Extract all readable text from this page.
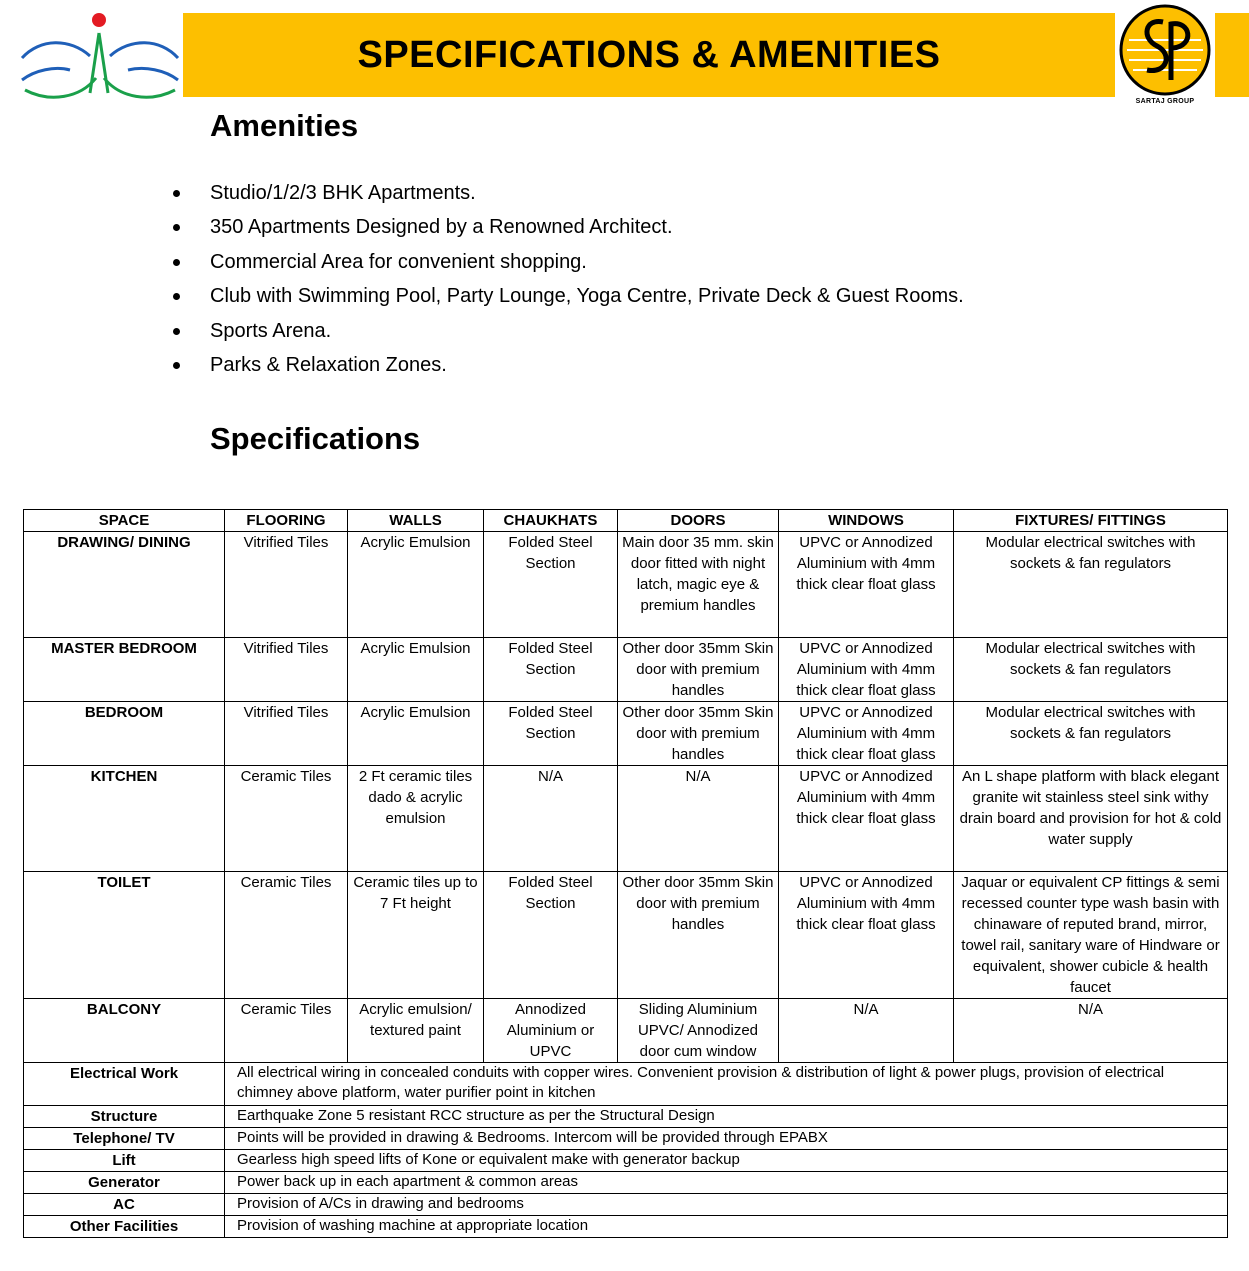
SPECIFICATIONS & AMENITIES
SARTAJ GROUP
Amenities
Studio/1/2/3 BHK Apartments.
350 Apartments Designed by a Renowned Architect.
Commercial Area for convenient shopping.
Club with Swimming Pool, Party Lounge, Yoga Centre, Private Deck & Guest Rooms.
Sports Arena.
Parks & Relaxation Zones.
Specifications
SPACE	FLOORING	WALLS	CHAUKHATS	DOORS	WINDOWS	FIXTURES/ FITTINGS
DRAWING/ DINING	Vitrified Tiles	Acrylic Emulsion	Folded Steel Section	Main door 35 mm. skin door fitted with night latch, magic eye & premium handles	UPVC or Annodized Aluminium with 4mm thick clear float glass	Modular electrical switches with sockets & fan regulators
MASTER BEDROOM	Vitrified Tiles	Acrylic Emulsion	Folded Steel Section	Other door 35mm Skin door with premium handles	UPVC or Annodized Aluminium with 4mm thick clear float glass	Modular electrical switches with sockets & fan regulators
BEDROOM	Vitrified Tiles	Acrylic Emulsion	Folded Steel Section	Other door 35mm Skin door with premium handles	UPVC or Annodized Aluminium with 4mm thick clear float glass	Modular electrical switches with sockets & fan regulators
KITCHEN	Ceramic Tiles	2 Ft ceramic tiles dado & acrylic emulsion	N/A	N/A	UPVC or Annodized Aluminium with 4mm thick clear float glass	An L shape platform with black elegant granite wit stainless steel sink withy drain board and provision for hot & cold water supply
TOILET	Ceramic Tiles	Ceramic tiles up to 7 Ft height	Folded Steel Section	Other door 35mm Skin door with premium handles	UPVC or Annodized Aluminium with 4mm thick clear float glass	Jaquar or equivalent CP fittings & semi recessed counter type wash basin with chinaware of reputed brand, mirror, towel rail, sanitary ware of Hindware or equivalent, shower cubicle & health faucet
BALCONY	Ceramic Tiles	Acrylic emulsion/ textured paint	Annodized Aluminium or UPVC	Sliding Aluminium UPVC/ Annodized door cum window	N/A	N/A
Electrical Work	All electrical wiring in concealed conduits with copper wires. Convenient provision & distribution of light & power plugs, provision of electrical chimney above platform, water purifier point in kitchen					
Structure	Earthquake Zone 5 resistant RCC structure as per the Structural Design					
Telephone/ TV	Points will be provided in drawing & Bedrooms. Intercom will be provided through EPABX					
Lift	Gearless high speed lifts of Kone or equivalent make with generator backup					
Generator	Power back up in each apartment & common areas					
AC	Provision of A/Cs in drawing and bedrooms					
Other Facilities	Provision of washing machine at appropriate location					
